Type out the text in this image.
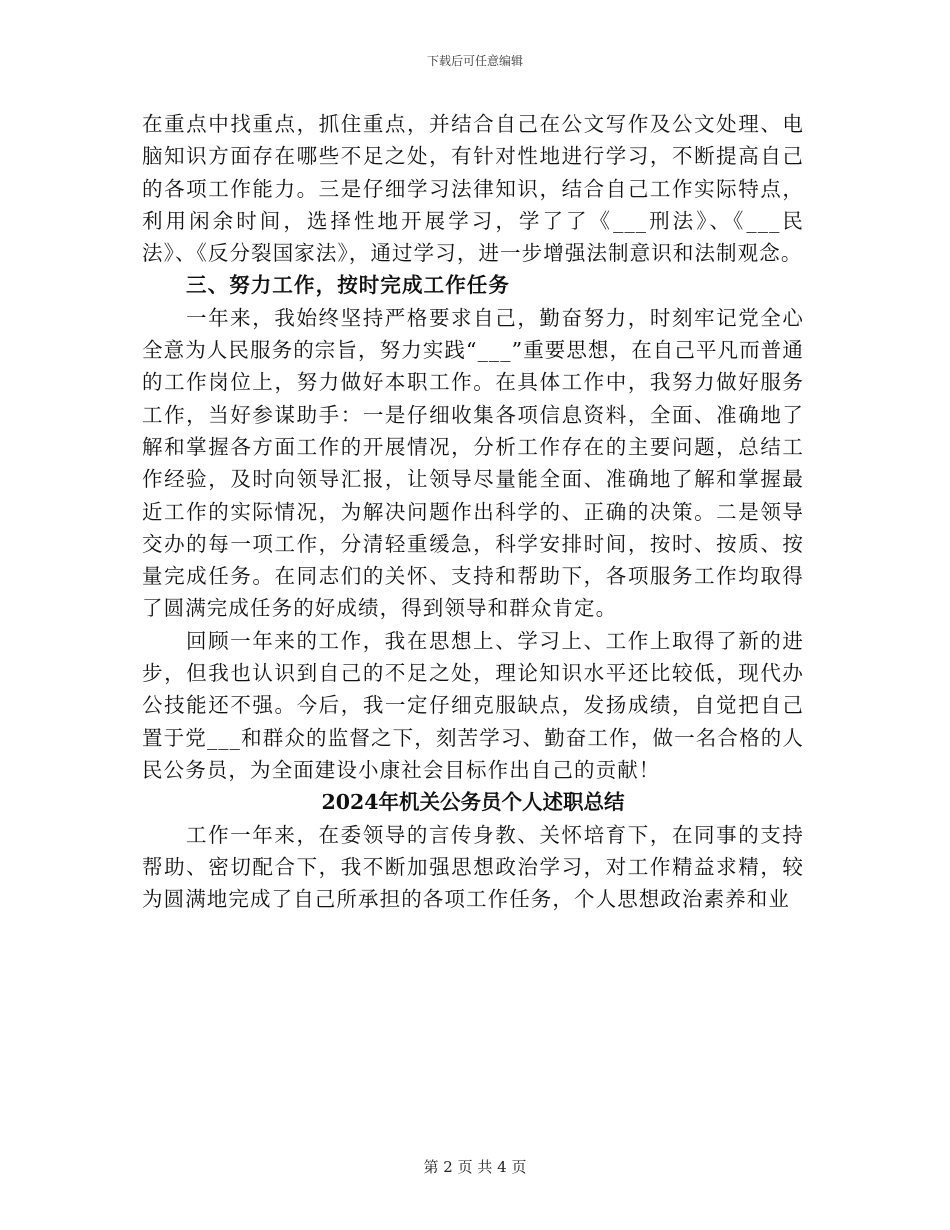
下载后可任意编辑

在重点中找重点，抓住重点，并结合自己在公文写作及公文处理、电脑知识方面存在哪些不足之处，有针对性地进行学习，不断提高自己的各项工作能力。三是仔细学习法律知识，结合自己工作实际特点，利用闲余时间，选择性地开展学习，学了了《___刑法》、《___民法》、《反分裂国家法》，通过学习，进一步增强法制意识和法制观念。

三、努力工作，按时完成工作任务

一年来，我始终坚持严格要求自己，勤奋努力，时刻牢记党全心全意为人民服务的宗旨，努力实践“___”重要思想，在自己平凡而普通的工作岗位上，努力做好本职工作。在具体工作中，我努力做好服务工作，当好参谋助手：一是仔细收集各项信息资料，全面、准确地了解和掌握各方面工作的开展情况，分析工作存在的主要问题，总结工作经验，及时向领导汇报，让领导尽量能全面、准确地了解和掌握最近工作的实际情况，为解决问题作出科学的、正确的决策。二是领导交办的每一项工作，分清轻重缓急，科学安排时间，按时、按质、按量完成任务。在同志们的关怀、支持和帮助下，各项服务工作均取得了圆满完成任务的好成绩，得到领导和群众肯定。

回顾一年来的工作，我在思想上、学习上、工作上取得了新的进步，但我也认识到自己的不足之处，理论知识水平还比较低，现代办公技能还不强。今后，我一定仔细克服缺点，发扬成绩，自觉把自己置于党___和群众的监督之下，刻苦学习、勤奋工作，做一名合格的人民公务员，为全面建设小康社会目标作出自己的贡献！

2024年机关公务员个人述职总结

工作一年来，在委领导的言传身教、关怀培育下，在同事的支持帮助、密切配合下，我不断加强思想政治学习，对工作精益求精，较为圆满地完成了自己所承担的各项工作任务，个人思想政治素养和业

第 2 页 共 4 页
